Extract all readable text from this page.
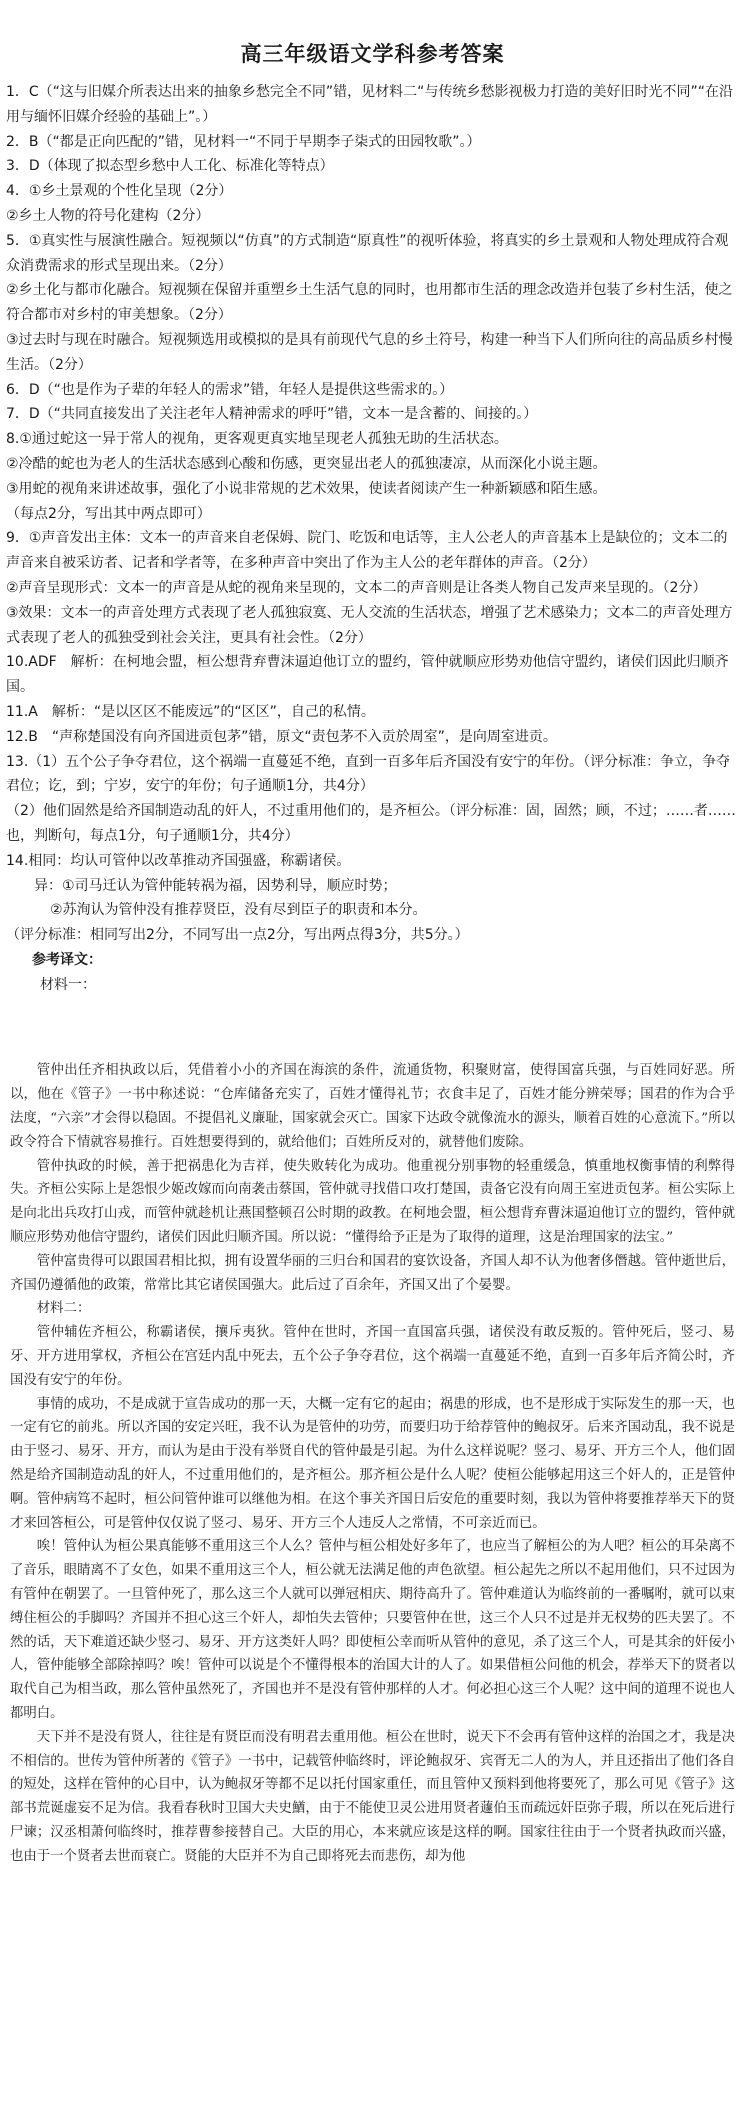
高三年级语文学科参考答案

1．C（“这与旧媒介所表达出来的抽象乡愁完全不同”错，见材料二“与传统乡愁影视极力打造的美好旧时光不同”“在沿用与缅怀旧媒介经验的基础上”。）

2．B（“都是正向匹配的”错，见材料一“不同于早期李子柒式的田园牧歌”。）

3．D（体现了拟态型乡愁中人工化、标准化等特点）

4．①乡土景观的个性化呈现（2分）

②乡土人物的符号化建构（2分）

5．①真实性与展演性融合。短视频以“仿真”的方式制造“原真性”的视听体验，将真实的乡土景观和人物处理成符合观众消费需求的形式呈现出来。（2分）

②乡土化与都市化融合。短视频在保留并重塑乡土生活气息的同时，也用都市生活的理念改造并包装了乡村生活，使之符合都市对乡村的审美想象。（2分）

③过去时与现在时融合。短视频选用或模拟的是具有前现代气息的乡土符号，构建一种当下人们所向往的高品质乡村慢生活。（2分）

6．D（“也是作为子辈的年轻人的需求”错，年轻人是提供这些需求的。）

7．D（“共同直接发出了关注老年人精神需求的呼吁”错，文本一是含蓄的、间接的。）

8.①通过蛇这一异于常人的视角，更客观更真实地呈现老人孤独无助的生活状态。

②冷酷的蛇也为老人的生活状态感到心酸和伤感，更突显出老人的孤独凄凉，从而深化小说主题。

③用蛇的视角来讲述故事，强化了小说非常规的艺术效果，使读者阅读产生一种新颖感和陌生感。

（每点2分，写出其中两点即可）

9．①声音发出主体：文本一的声音来自老保姆、院门、吃饭和电话等，主人公老人的声音基本上是缺位的；文本二的声音来自被采访者、记者和学者等，在多种声音中突出了作为主人公的老年群体的声音。（2分）

②声音呈现形式：文本一的声音是从蛇的视角来呈现的，文本二的声音则是让各类人物自己发声来呈现的。（2分）

③效果：文本一的声音处理方式表现了老人孤独寂寞、无人交流的生活状态，增强了艺术感染力；文本二的声音处理方式表现了老人的孤独受到社会关注，更具有社会性。（2分）

10.ADF　解析：在柯地会盟，桓公想背弃曹沫逼迫他订立的盟约，管仲就顺应形势劝他信守盟约，诸侯们因此归顺齐国。

11.A　解析：“是以区区不能废远”的“区区”，自己的私情。

12.B　“声称楚国没有向齐国进贡包茅”错，原文“责包茅不入贡於周室”，是向周室进贡。

13.（1）五个公子争夺君位，这个祸端一直蔓延不绝，直到一百多年后齐国没有安宁的年份。（评分标准：争立，争夺君位；讫，到；宁岁，安宁的年份；句子通顺1分，共4分）

（2）他们固然是给齐国制造动乱的奸人，不过重用他们的，是齐桓公。（评分标准：固，固然；顾，不过；……者……也，判断句，每点1分，句子通顺1分，共4分）

14.相同：均认可管仲以改革推动齐国强盛，称霸诸侯。

异：①司马迁认为管仲能转祸为福，因势利导，顺应时势；

②苏洵认为管仲没有推荐贤臣，没有尽到臣子的职责和本分。

（评分标准：相同写出2分，不同写出一点2分，写出两点得3分，共5分。）

参考译文：

材料一：

管仲出任齐相执政以后，凭借着小小的齐国在海滨的条件，流通货物，积聚财富，使得国富兵强，与百姓同好恶。所以，他在《管子》一书中称述说：“仓库储备充实了，百姓才懂得礼节；衣食丰足了，百姓才能分辨荣辱；国君的作为合乎法度，“六亲”才会得以稳固。不提倡礼义廉耻，国家就会灭亡。国家下达政令就像流水的源头，顺着百姓的心意流下。”所以政令符合下情就容易推行。百姓想要得到的，就给他们；百姓所反对的，就替他们废除。

管仲执政的时候，善于把祸患化为吉祥，使失败转化为成功。他重视分别事物的轻重缓急，慎重地权衡事情的利弊得失。齐桓公实际上是怨恨少姬改嫁而向南袭击蔡国，管仲就寻找借口攻打楚国，责备它没有向周王室进贡包茅。桓公实际上是向北出兵攻打山戎，而管仲就趁机让燕国整顿召公时期的政教。在柯地会盟，桓公想背弃曹沫逼迫他订立的盟约，管仲就顺应形势劝他信守盟约，诸侯们因此归顺齐国。所以说：“懂得给予正是为了取得的道理，这是治理国家的法宝。”

管仲富贵得可以跟国君相比拟，拥有设置华丽的三归台和国君的宴饮设备，齐国人却不认为他奢侈僭越。管仲逝世后，齐国仍遵循他的政策，常常比其它诸侯国强大。此后过了百余年，齐国又出了个晏婴。

材料二：

管仲辅佐齐桓公，称霸诸侯，攘斥夷狄。管仲在世时，齐国一直国富兵强，诸侯没有敢反叛的。管仲死后，竖刁、易牙、开方进用掌权，齐桓公在宫廷内乱中死去，五个公子争夺君位，这个祸端一直蔓延不绝，直到一百多年后齐简公时，齐国没有安宁的年份。

事情的成功，不是成就于宣告成功的那一天，大概一定有它的起由；祸患的形成，也不是形成于实际发生的那一天，也一定有它的前兆。所以齐国的安定兴旺，我不认为是管仲的功劳，而要归功于给荐管仲的鲍叔牙。后来齐国动乱，我不说是由于竖刁、易牙、开方，而认为是由于没有举贤自代的管仲最是引起。为什么这样说呢？竖刁、易牙、开方三个人，他们固然是给齐国制造动乱的奸人，不过重用他们的，是齐桓公。那齐桓公是什么人呢？使桓公能够起用这三个奸人的，正是管仲啊。管仲病笃不起时，桓公问管仲谁可以继他为相。在这个事关齐国日后安危的重要时刻，我以为管仲将要推荐举天下的贤才来回答桓公，可是管仲仅仅说了竖刁、易牙、开方三个人违反人之常情，不可亲近而已。

唉！管仲认为桓公果真能够不重用这三个人么？管仲与桓公相处好多年了，也应当了解桓公的为人吧？桓公的耳朵离不了音乐，眼睛离不了女色，如果不重用这三个人，桓公就无法满足他的声色欲望。桓公起先之所以不起用他们，只不过因为有管仲在朝罢了。一旦管仲死了，那么这三个人就可以弹冠相庆、期待高升了。管仲难道认为临终前的一番嘱咐，就可以束缚住桓公的手脚吗？齐国并不担心这三个奸人，却怕失去管仲；只要管仲在世，这三个人只不过是并无权势的匹夫罢了。不然的话，天下难道还缺少竖刁、易牙、开方这类奸人吗？即使桓公幸而听从管仲的意见，杀了这三个人，可是其余的奸佞小人，管仲能够全部除掉吗？唉！管仲可以说是个不懂得根本的治国大计的人了。如果借桓公问他的机会，荐举天下的贤者以取代自己为相当政，那么管仲虽然死了，齐国也并不是没有管仲那样的人才。何必担心这三个人呢？这中间的道理不说也人都明白。

天下并不是没有贤人，往往是有贤臣而没有明君去重用他。桓公在世时，说天下不会再有管仲这样的治国之才，我是决不相信的。世传为管仲所著的《管子》一书中，记载管仲临终时，评论鲍叔牙、宾胥无二人的为人，并且还指出了他们各自的短处，这样在管仲的心目中，认为鲍叔牙等都不足以托付国家重任，而且管仲又预料到他将要死了，那么可见《管子》这部书荒诞虚妄不足为信。我看春秋时卫国大夫史鰌，由于不能使卫灵公进用贤者蘧伯玉而疏远奸臣弥子瑕，所以在死后进行尸谏；汉丞相萧何临终时，推荐曹参接替自己。大臣的用心，本来就应该是这样的啊。国家往往由于一个贤者执政而兴盛，也由于一个贤者去世而衰亡。贤能的大臣并不为自己即将死去而悲伤，却为他
